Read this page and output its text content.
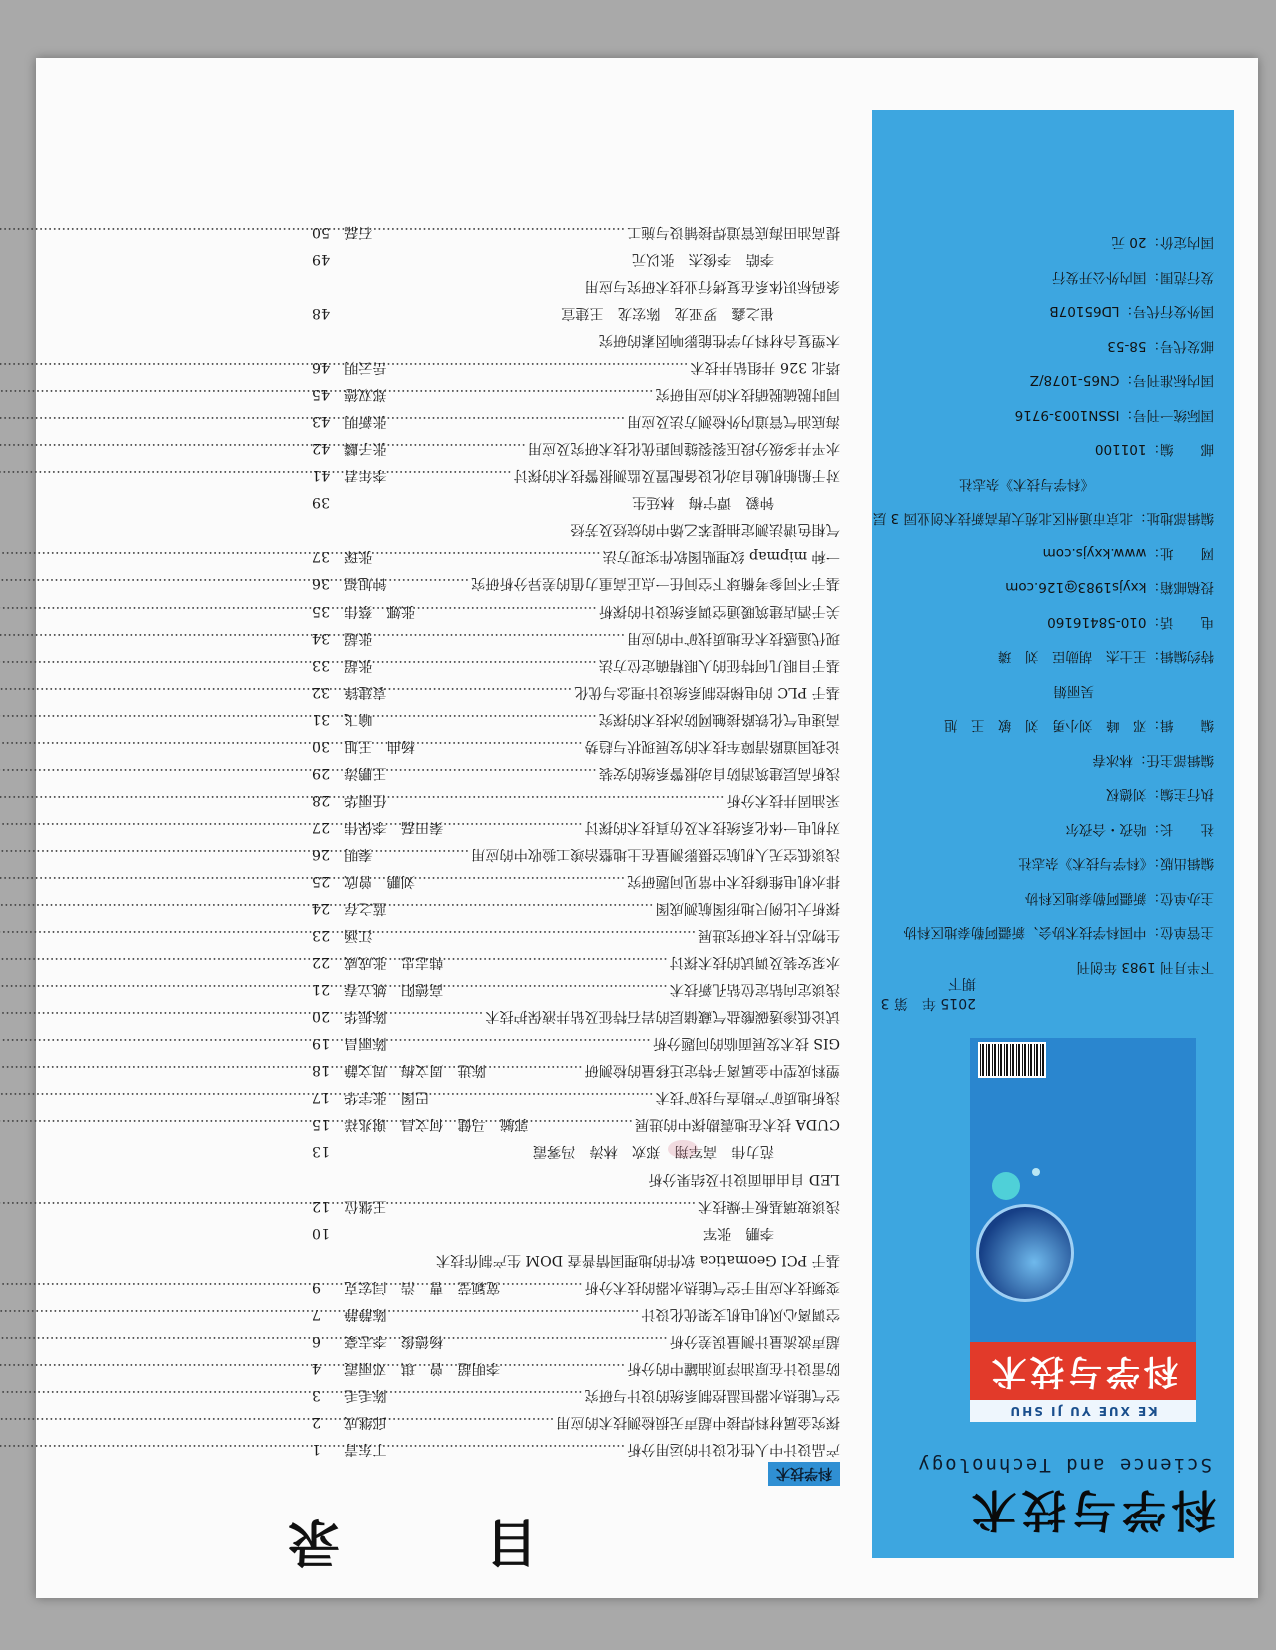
科学与技术
Science and Technology
KE XUE YU JI SHU
科学与技术
2015 年　第 3 期下
下半月刊 1983 年创刊
主管单位：中国科学技术协会、新疆阿勒泰地区科协
主办单位：新疆阿勒泰地区科协
编辑出版：《科学与技术》杂志社
社　　长：哈孜・合孜尔
执行主编：刘德权
编辑部主任：林冰春
编　　辑：邓　峰　刘小勇　刘　敏　王　旭
吴丽娟
特约编辑：王士杰　胡勋臣　刘　璘
电　　话：010-58416160
投稿邮箱：kxyjs1983@126.com
网　　址：www.kxyjs.com
编辑部地址：北京市通州区北苑大唐高新技术创业园 3 层
《科学与技术》杂志社
邮　　编：101100
国际统一刊号：ISSN1003-9716
国内标准刊号：CN65-1078/Z
邮发代号：58-53
国外发行代号：LD65107B
发行范围：国内外公开发行
国内定价：20 元
目 录
科学技术
产品设计中人性化设计的运用分析
.....
丁东青
1
探究金属材料焊接中超声无损检测技术的应用
.....
邱继成
2
空气能热水器恒温控制系统的设计与研究
.....
陈毛毛
3
防雷设计在原油浮顶油罐中的分析
.....
李明超　曾　琪　邓丽霞
4
超声波流量计测量误差分析
.....
杨德俊　李志豪
6
空调离心风机电机支架优化设计
.....
陈静静
7
变频技术应用于空气能热水器的技术分析
.....
宽颖莹　曹　浩　闫宏克
9
基于 PCI Geomatica 软件的地理国情普查 DOM 生产制作技术
李鹏　张军
10
浅谈玻璃基板干燥技术
.....
王继位
12
LED 自由曲面设计及结果分析
范力伟　高军翔　郑欢　林涛　冯雾霞
13
CUDA 技术在地震勘探中的进展
.....
郭毓　马健　何文昌　谢兆祥
15
浅析地质矿产勘查与找矿技术
.....
巴图　张宇华
17
塑料成型中金属离子特定迁移量的检测研
.....
陈进　周文梅　周文静
18
GIS 技术发展面临的问题分析
.....
陈丽昌
19
试论低渗透碳酸盐气藏储层的岩石特征及钻井液保护技术
.....
陈振华
20
浅谈定向钻定位钻孔新技术
.....
高德阳　姚立春
21
水泵安装及调试的技术探讨
.....
韩志忠　张成威
22
生物芯片技术研究进展
.....
江涵
23
探析大比例尺地形图航测成图
.....
蓝之存
24
排水机电维修技术中常见问题研究
.....
刘鹏　曾欣
25
浅谈低空无人机航空摄影测量在土地整治竣工验收中的应用
.....
秦明
26
对机电一体化系统技术及仿真技术的探讨
.....
秦田磊　李保伟
27
采油固井技术分析
.....
任丽华
28
浅析高层建筑消防自动报警系统的安装
.....
王鹏涛
29
论我国道路清障车技术的发展现状与趋势
.....
杨曲　王旭
30
高速电气化铁路接触网防冰技术的探究
.....
喻飞
31
基于 PLC 的电梯控制系统设计理念与优化
.....
袁建锋
32
基于目眼几何特征的人眼精确定位方法
.....
张超
33
现代遥感技术在地质找矿中的应用
.....
张超
34
关于酒店建筑暖通空调系统设计的探析
.....
张娜　蔡伟
35
基于不同参考椭球下空间任一点正高重力值的差异分析研究
.....
钟旭福
36
一种 mipmap 纹理贴图软件实现方法
.....
张琛
37
气相色谱法测定抽提苯乙烯中的烷烃及芳烃
钟毅　谭宁梅　林廷生
39
对于船舶机舱自动化设备配置及监测报警技术的探讨
.....
李年君
41
水平井多级分段压裂裂缝间距优化技术研究及应用
.....
张子麟
42
海底油气管道内外检测方法及应用
.....
张新明
43
同时脱硫脱硝技术的应用研究
.....
郑双德
45
塔北 326 井组钻井技术
.....
岳云明
46
木塑复合材料力学性能影响因素的研究
崔之鑫　罗亚龙　陈宏龙　王建宣
48
条码标识体系在复烤行业技术研究与应用
李皓　李俊杰　张以元
49
提高油田海底管道焊接铺设与施工
.....
石磊
50
